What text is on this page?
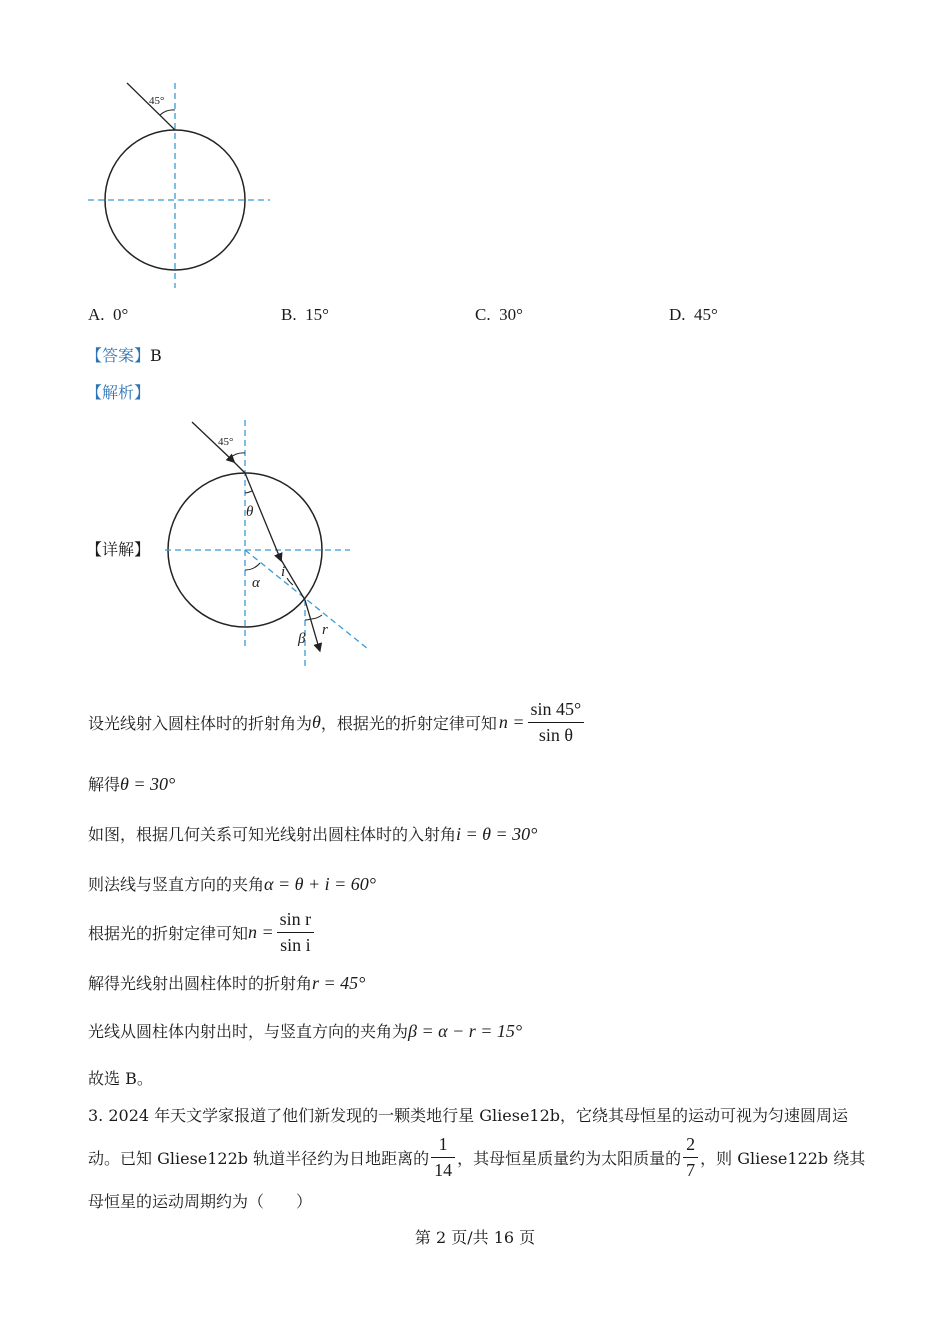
45°
A. 0°	B. 15°	C. 30°	D. 45°
【答案】B
【解析】
【详解】
45°
θ
α
i
β
r
设光线射入圆柱体时的折射角为 θ ，根据光的折射定律可知 $n = \frac{\sin 45^\circ}{\text{sin θ}}$
解得θ = 30°
如图，根据几何关系可知光线射出圆柱体时的入射角i = θ = 30°
则法线与竖直方向的夹角α = θ + i = 60°
根据光的折射定律可知 $n = \frac{\text{sin r}}{\text{sin i}}$
解得光线射出圆柱体时的折射角r = 45°
光线从圆柱体内射出时，与竖直方向的夹角为β = α − r = 15°
故选 B。
3. 2024 年天文学家报道了他们新发现的一颗类地行星 Gliese12b，它绕其母恒星的运动可视为匀速圆周运
动。已知 Gliese122b 轨道半径约为日地距离的 $\frac{1}{14}$ ，其母恒星质量约为太阳质量的 $\frac{2}{7}$ ，则 Gliese122b 绕其
母恒星的运动周期约为（　　）
第 2 页/共 16 页
